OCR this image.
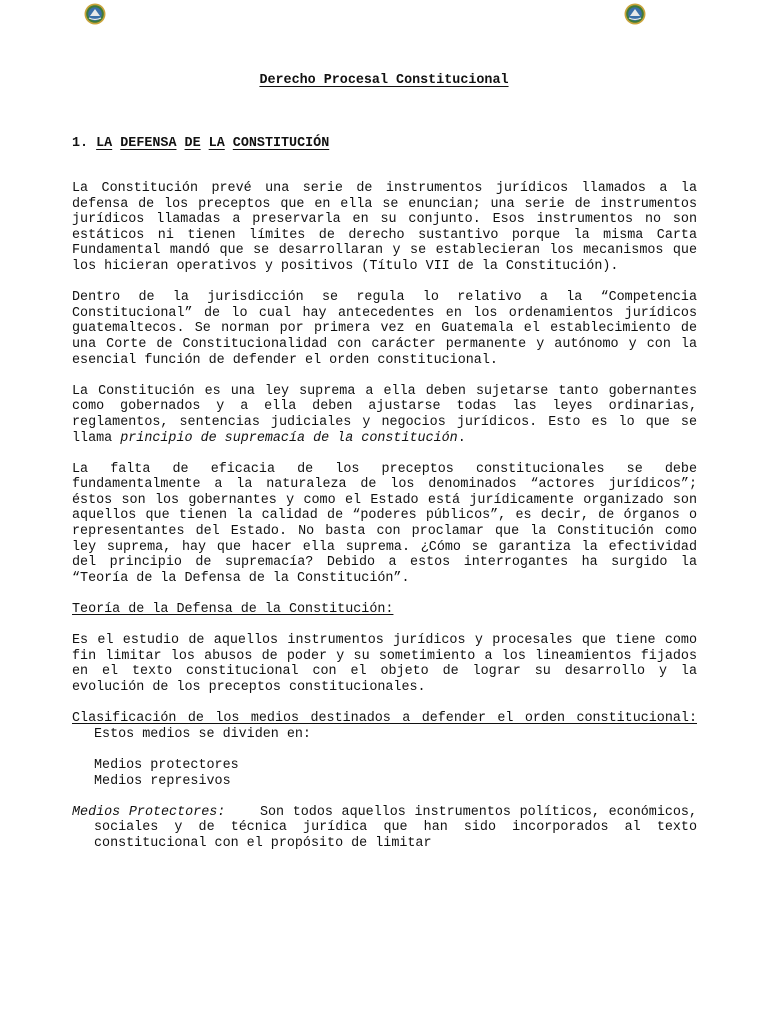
Derecho Procesal Constitucional
1. LA DEFENSA DE LA CONSTITUCIÓN

La Constitución prevé una serie de instrumentos jurídicos llamados a la defensa de los preceptos que en ella se enuncian; una serie de instrumentos jurídicos llamadas a preservarla en su conjunto. Esos instrumentos no son estáticos ni tienen límites de derecho sustantivo porque la misma Carta Fundamental mandó que se desarrollaran y se establecieran los mecanismos que los hicieran operativos y positivos (Título VII de la Constitución).

Dentro de la jurisdicción se regula lo relativo a la “Competencia Constitucional” de lo cual hay antecedentes en los ordenamientos jurídicos guatemaltecos. Se norman por primera vez en Guatemala el establecimiento de una Corte de Constitucionalidad con carácter permanente y autónomo y con la esencial función de defender el orden constitucional.

La Constitución es una ley suprema a ella deben sujetarse tanto gobernantes como gobernados y a ella deben ajustarse todas las leyes ordinarias, reglamentos, sentencias judiciales y negocios jurídicos. Esto es lo que se llama principio de supremacía de la constitución.

La falta de eficacia de los preceptos constitucionales se debe fundamentalmente a la naturaleza de los denominados “actores jurídicos”; éstos son los gobernantes y como el Estado está jurídicamente organizado son aquellos que tienen la calidad de “poderes públicos”, es decir, de órganos o representantes del Estado. No basta con proclamar que la Constitución como ley suprema, hay que hacer ella suprema. ¿Cómo se garantiza la efectividad del principio de supremacía? Debido a estos interrogantes ha surgido la “Teoría de la Defensa de la Constitución”.

Teoría de la Defensa de la Constitución:

Es el estudio de aquellos instrumentos jurídicos y procesales que tiene como fin limitar los abusos de poder y su sometimiento a los lineamientos fijados en el texto constitucional con el objeto de lograr su desarrollo y la evolución de los preceptos constitucionales.

Clasificación de los medios destinados a defender el orden constitucional: Estos medios se dividen en:

Medios protectores
Medios represivos

Medios Protectores:    Son todos aquellos instrumentos políticos, económicos, sociales y de técnica jurídica que han sido incorporados al texto constitucional con el propósito de limitar
